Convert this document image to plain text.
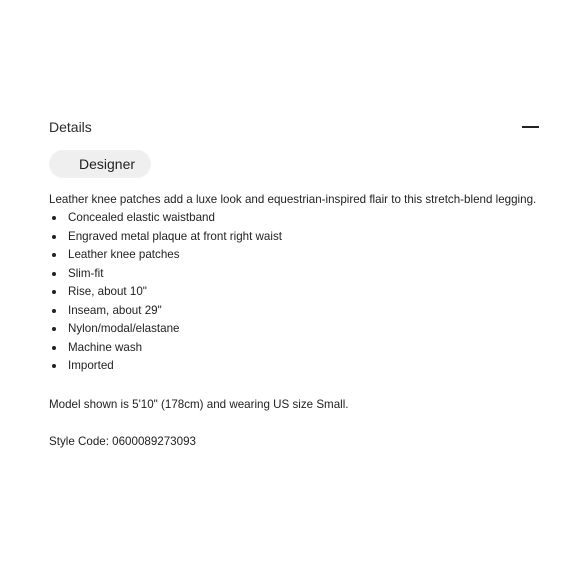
Details
Designer
Leather knee patches add a luxe look and equestrian-inspired flair to this stretch-blend legging.
Concealed elastic waistband
Engraved metal plaque at front right waist
Leather knee patches
Slim-fit
Rise, about 10"
Inseam, about 29"
Nylon/modal/elastane
Machine wash
Imported
Model shown is 5'10" (178cm) and wearing US size Small.
Style Code: 0600089273093
